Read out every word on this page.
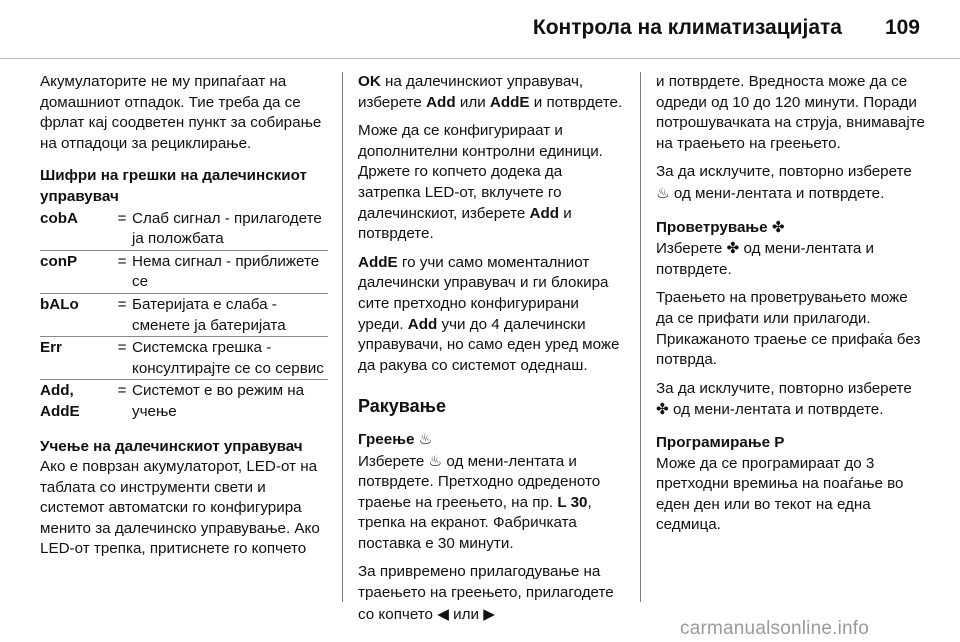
Контрола на климатизацијата 109

Акумулаторите не му припаѓаат на домашниот отпадок. Тие треба да се фрлат кај соодветен пункт за собирање на отпадоци за рециклирање.

Шифри на грешки на далечинскиот управувач
cobA	= Слаб сигнал - прилагодете ја положбата
conP	= Нема сигнал - приближете се
bALo	= Батеријата е слаба - сменете ја батеријата
Err	= Системска грешка - консултирајте се со сервис
Add, AddE
= Системот е во режим на учење
Учење на далечинскиот управувач

Ако е поврзан акумулаторот, LED-от на таблата со инструменти свети и системот автоматски го конфигурира менито за далечинско управување. Ако LED-от трепка, притиснете го копчето

OK на далечинскиот управувач, изберете Add или AddE и потврдете.

Може да се конфигурираат и дополнителни контролни единици. Држете го копчето додека да затрепка LED-от, вклучете го далечинскиот, изберете Add и потврдете.

AddE го учи само моменталниот далечински управувач и ги блокира сите претходно конфигурирани уреди. Add учи до 4 далечински управувачи, но само еден уред може да ракува со системот одеднаш.

Ракување
Греење ♨

Изберете ♨ од мени-лентата и потврдете. Претходно одреденото траење на греењето, на пр. L 30, трепка на екранот. Фабричката поставка е 30 минути.

За привремено прилагодување на траењето на греењето, прилагодете со копчето ◀ или ▶

и потврдете. Вредноста може да се одреди од 10 до 120 минути. Поради потрошувачката на струја, внимавајте на траењето на греењето.

За да исклучите, повторно изберете ♨ од мени-лентата и потврдете.

Проветрување ✤

Изберете ✤ од мени-лентата и потврдете.

Траењето на проветрувањето може да се прифати или прилагоди. Прикажаното траење се прифаќа без потврда.

За да исклучите, повторно изберете ✤ од мени-лентата и потврдете.

Програмирање P

Може да се програмираат до 3 претходни времиња на поаѓање во еден ден или во текот на една седмица.

carmanualsonline.info
